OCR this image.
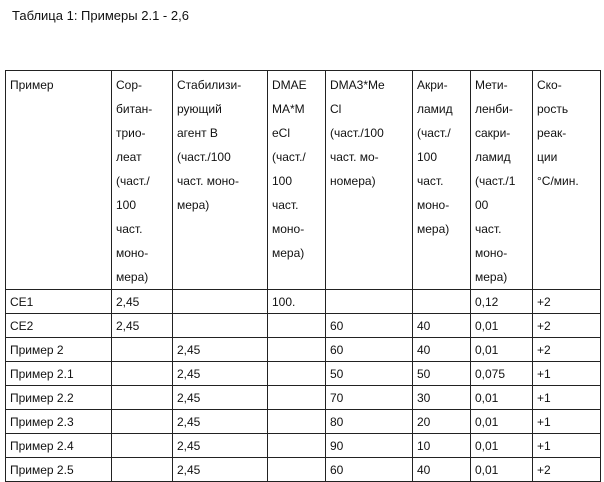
Таблица 1: Примеры 2.1 - 2,6
Пример	Сор-
битан-
трио-
леат
(част./
100
част.
моно-
мера)	Стабилизи-
рующий
агент В
(част./100
част. моно-
мера)	DMAE
MA*M
eCl
(част./
100
част.
моно-
мера)	DMA3*Me
Cl
(част./100
част. мо-
номера)	Акри-
ламид
(част./
100
част.
моно-
мера)	Мети-
ленби-
сакри-
ламид
(част./1
00
част.
моно-
мера)	Ско-
рость
реак-
ции
°С/мин.
CE1	2,45		100.			0,12	+2
CE2	2,45			60	40	0,01	+2
Пример 2		2,45		60	40	0,01	+2
Пример 2.1		2,45		50	50	0,075	+1
Пример 2.2		2,45		70	30	0,01	+1
Пример 2.3		2,45		80	20	0,01	+1
Пример 2.4		2,45		90	10	0,01	+1
Пример 2.5		2,45		60	40	0,01	+2
